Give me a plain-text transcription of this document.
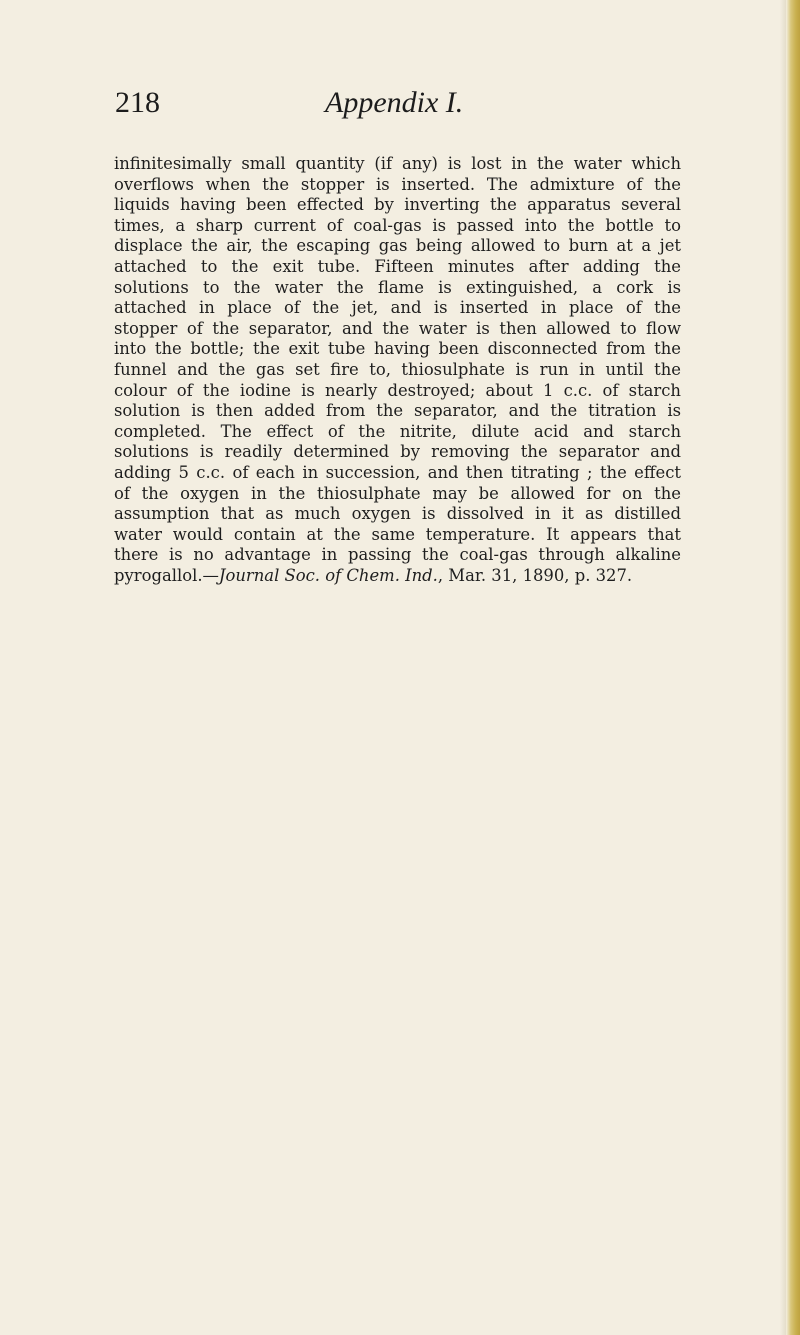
218	Appendix I.
infinitesimally small quantity (if any) is lost in the water which
overflows when the stopper is inserted. The admixture of the
liquids having been effected by inverting the apparatus several
times, a sharp current of coal-gas is passed into the bottle to
displace the air, the escaping gas being allowed to burn at a jet
attached to the exit tube. Fifteen minutes after adding the
solutions to the water the flame is extinguished, a cork is
attached in place of the jet, and is inserted in place of the
stopper of the separator, and the water is then allowed to flow
into the bottle; the exit tube having been disconnected from the
funnel and the gas set fire to, thiosulphate is run in until the
colour of the iodine is nearly destroyed; about 1 c.c. of starch
solution is then added from the separator, and the titration is
completed. The effect of the nitrite, dilute acid and starch
solutions is readily determined by removing the separator and
adding 5 c.c. of each in succession, and then titrating ; the effect
of the oxygen in the thiosulphate may be allowed for on the
assumption that as much oxygen is dissolved in it as distilled
water would contain at the same temperature. It appears that
there is no advantage in passing the coal-gas through alkaline
pyrogallol.—Journal Soc. of Chem. Ind., Mar. 31, 1890, p. 327.
